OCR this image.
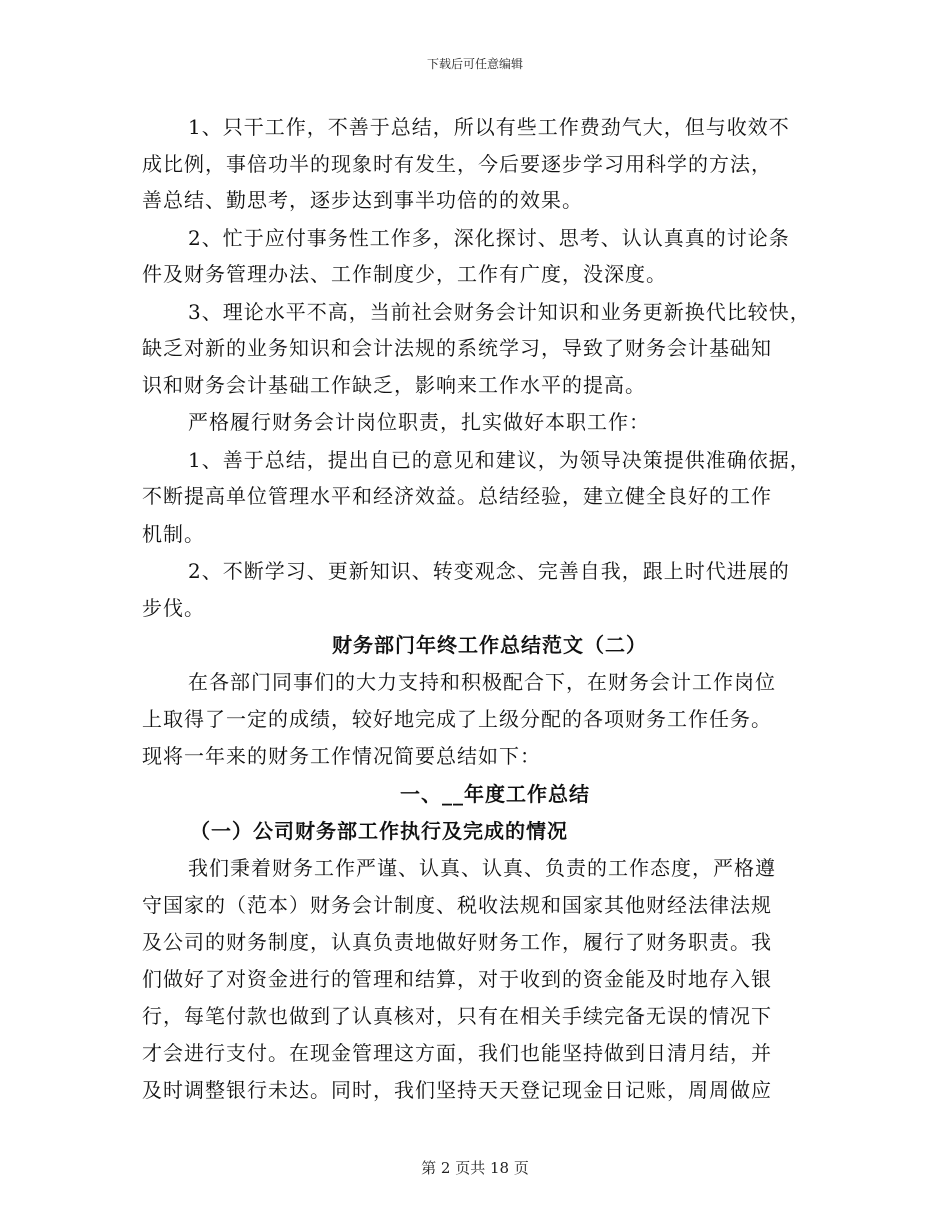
下载后可任意编辑
1、只干工作，不善于总结，所以有些工作费劲气大，但与收效不
成比例，事倍功半的现象时有发生，今后要逐步学习用科学的方法，
善总结、勤思考，逐步达到事半功倍的的效果。
2、忙于应付事务性工作多，深化探讨、思考、认认真真的讨论条
件及财务管理办法、工作制度少，工作有广度，没深度。
3、理论水平不高，当前社会财务会计知识和业务更新换代比较快，
缺乏对新的业务知识和会计法规的系统学习，导致了财务会计基础知
识和财务会计基础工作缺乏，影响来工作水平的提高。
严格履行财务会计岗位职责，扎实做好本职工作：
1、善于总结，提出自已的意见和建议，为领导决策提供准确依据，
不断提高单位管理水平和经济效益。总结经验，建立健全良好的工作
机制。
2、不断学习、更新知识、转变观念、完善自我，跟上时代进展的
步伐。
财务部门年终工作总结范文（二）
在各部门同事们的大力支持和积极配合下，在财务会计工作岗位
上取得了一定的成绩，较好地完成了上级分配的各项财务工作任务。
现将一年来的财务工作情况简要总结如下：
一、__年度工作总结
（一）公司财务部工作执行及完成的情况
我们秉着财务工作严谨、认真、认真、负责的工作态度，严格遵
守国家的（范本）财务会计制度、税收法规和国家其他财经法律法规
及公司的财务制度，认真负责地做好财务工作，履行了财务职责。我
们做好了对资金进行的管理和结算，对于收到的资金能及时地存入银
行，每笔付款也做到了认真核对，只有在相关手续完备无误的情况下
才会进行支付。在现金管理这方面，我们也能坚持做到日清月结，并
及时调整银行未达。同时，我们坚持天天登记现金日记账，周周做应
第 2 页共 18 页
